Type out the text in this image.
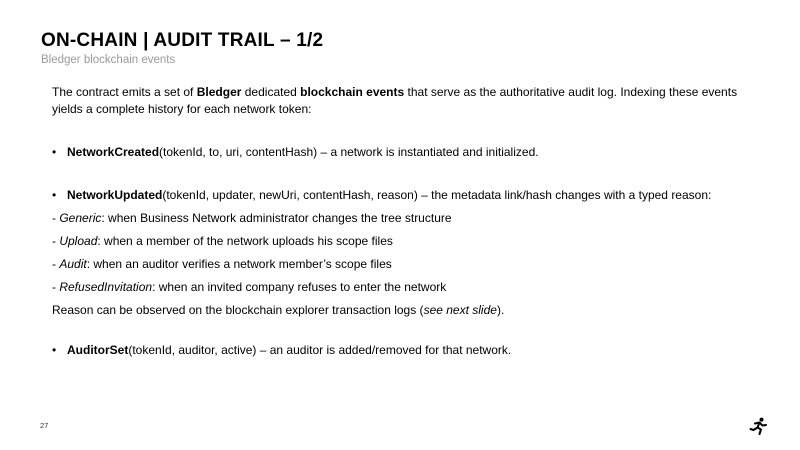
ON-CHAIN | AUDIT TRAIL – 1/2
Bledger blockchain events

The contract emits a set of Bledger dedicated blockchain events that serve as the authoritative audit log. Indexing these events yields a complete history for each network token:

• NetworkCreated(tokenId, to, uri, contentHash) – a network is instantiated and initialized.

• NetworkUpdated(tokenId, updater, newUri, contentHash, reason) – the metadata link/hash changes with a typed reason:

- Generic: when Business Network administrator changes the tree structure

- Upload: when a member of the network uploads his scope files

- Audit: when an auditor verifies a network member’s scope files

- RefusedInvitation: when an invited company refuses to enter the network

Reason can be observed on the blockchain explorer transaction logs (see next slide).

• AuditorSet(tokenId, auditor, active) – an auditor is added/removed for that network.

27
